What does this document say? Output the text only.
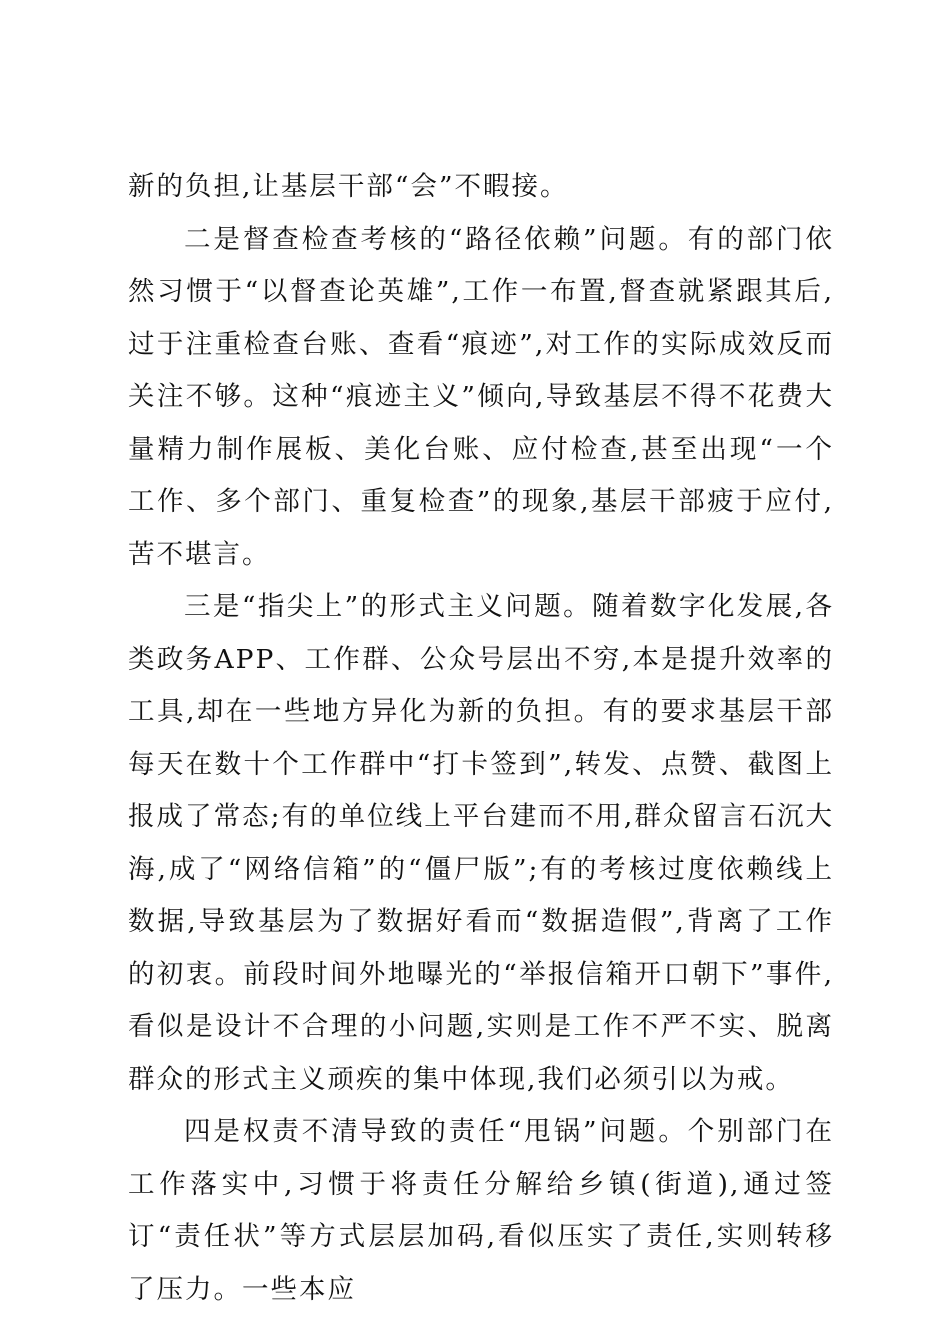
新的负担,让基层干部“会”不暇接。

二是督查检查考核的“路径依赖”问题。有的部门依然习惯于“以督查论英雄”,工作一布置,督查就紧跟其后,过于注重检查台账、查看“痕迹”,对工作的实际成效反而关注不够。这种“痕迹主义”倾向,导致基层不得不花费大量精力制作展板、美化台账、应付检查,甚至出现“一个工作、多个部门、重复检查”的现象,基层干部疲于应付,苦不堪言。

三是“指尖上”的形式主义问题。随着数字化发展,各类政务APP、工作群、公众号层出不穷,本是提升效率的工具,却在一些地方异化为新的负担。有的要求基层干部每天在数十个工作群中“打卡签到”,转发、点赞、截图上报成了常态;有的单位线上平台建而不用,群众留言石沉大海,成了“网络信箱”的“僵尸版”;有的考核过度依赖线上数据,导致基层为了数据好看而“数据造假”,背离了工作的初衷。前段时间外地曝光的“举报信箱开口朝下”事件,看似是设计不合理的小问题,实则是工作不严不实、脱离群众的形式主义顽疾的集中体现,我们必须引以为戒。

四是权责不清导致的责任“甩锅”问题。个别部门在工作落实中,习惯于将责任分解给乡镇(街道),通过签订“责任状”等方式层层加码,看似压实了责任,实则转移了压力。一些本应
